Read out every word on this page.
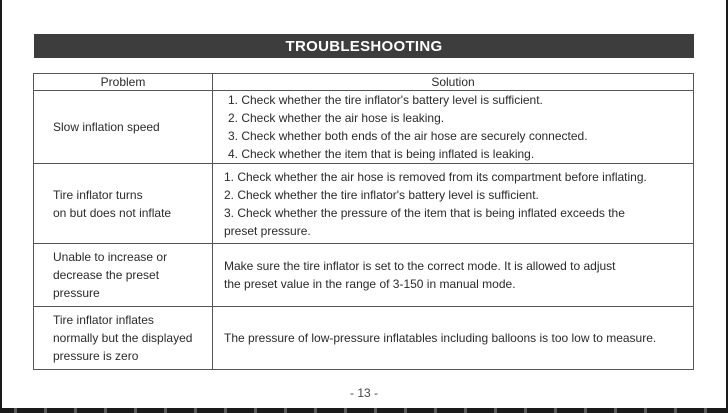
TROUBLESHOOTING
Problem	Solution

Slow inflation speed	1. Check whether the tire inflator's battery level is sufficient.
2. Check whether the air hose is leaking.
3. Check whether both ends of the air hose are securely connected.
4. Check whether the item that is being inflated is leaking.

Tire inflator turns
on but does not inflate	1. Check whether the air hose is removed from its compartment before inflating.
2. Check whether the tire inflator's battery level is sufficient.
3. Check whether the pressure of the item that is being inflated exceeds the
preset pressure.

Unable to increase or
decrease the preset
pressure	Make sure the tire inflator is set to the correct mode. It is allowed to adjust
the preset value in the range of 3-150 in manual mode.

Tire inflator inflates
normally but the displayed
pressure is zero	The pressure of low-pressure inflatables including balloons is too low to measure.
- 13 -
